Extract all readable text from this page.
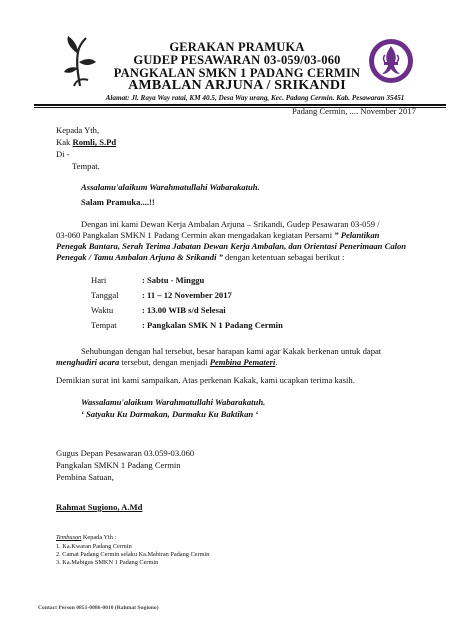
GERAKAN PRAMUKA
GUDEP PESAWARAN 03-059/03-060
PANGKALAN SMKN 1 PADANG CERMIN
AMBALAN ARJUNA / SRIKANDI
Alamat: Jl. Raya Way ratai, KM 40.5, Desa Way urang, Kec. Padang Cermin. Kab. Pesawaran 35451
Padang Cermin, .... November 2017
Kepada Yth,
Kak Romli, S.Pd
Di -
Tempat.
Assalamu'alaikum Warahmatullahi Wabarakatuh.
Salam Pramuka....!!
Dengan ini kami Dewan Kerja Ambalan Arjuna – Srikandi, Gudep Pesawaran 03-059 /
03-060 Pangkalan SMKN 1 Padang Cermin akan mengadakan kegiatan Persami ” Pelantikan
Penegak Bantara, Serah Terima Jabatan Dewan Kerja Ambalan, dan Orientasi Penerimaan Calon
Penegak / Tamu Ambalan Arjuna & Srikandi ” dengan ketentuan sebagai berikut :
Hari	: Sabtu - Minggu
Tanggal	: 11 – 12 November 2017
Waktu	: 13.00 WIB s/d Selesai
Tempat	: Pangkalan SMK N 1 Padang Cermin
Sehubungan dengan hal tersebut, besar harapan kami agar Kakak berkenan untuk dapat
menghadiri acara tersebut, dengan menjadi Pembina Pemateri.
Demikian surat ini kami sampaikan. Atas perkenan Kakak, kami ucapkan terima kasih.
Wassalamu'alaikum Warahmatullahi Wabarakatuh.
‘ Satyaku Ku Darmakan, Darmaku Ku Baktikan ‘
Gugus Depan Pesawaran 03.059-03.060
Pangkalan SMKN 1 Padang Cermin
Pembina Satuan,
Rahmat Sugiono, A.Md
Tembusan Kepada Yth :
1. Ka.Kwaran Padang Cermin
2. Camat Padang Cermin selaku Ka.Mabiran Padang Cermin
3. Ka.Mabigus SMKN 1 Padang Cermin
Contact Person 0851-0086-0010 (Rahmat Sugiono)
